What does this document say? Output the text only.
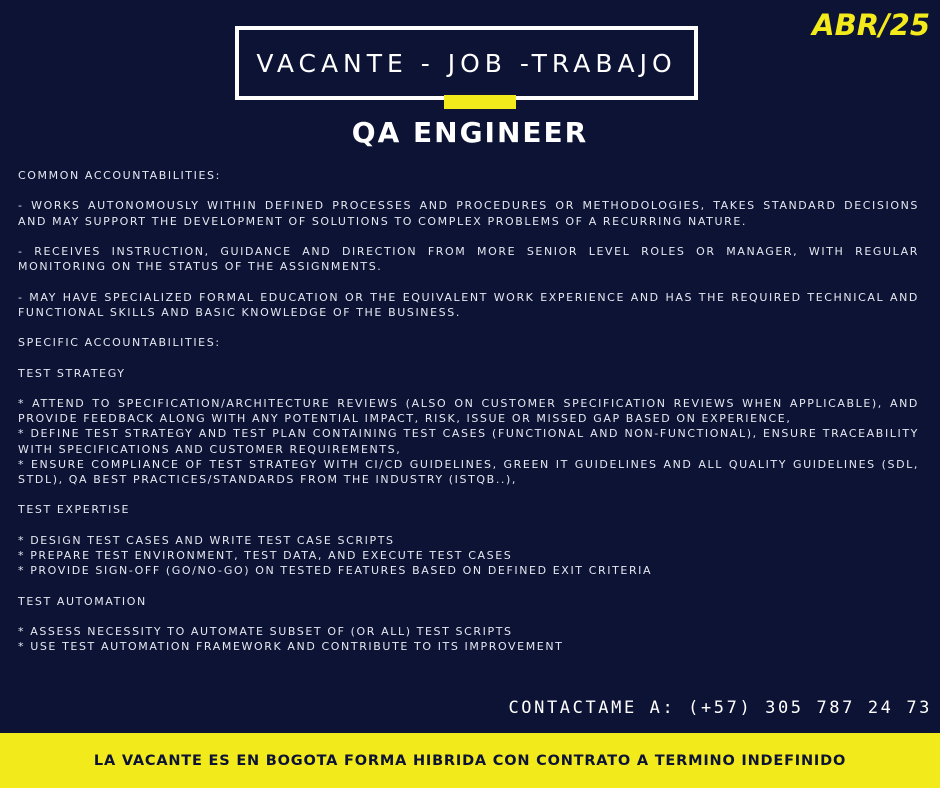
ABR/25
VACANTE - JOB -TRABAJO
QA ENGINEER

COMMON ACCOUNTABILITIES:

- WORKS AUTONOMOUSLY WITHIN DEFINED PROCESSES AND PROCEDURES OR METHODOLOGIES, TAKES STANDARD DECISIONS AND MAY SUPPORT THE DEVELOPMENT OF SOLUTIONS TO COMPLEX PROBLEMS OF A RECURRING NATURE.

- RECEIVES INSTRUCTION, GUIDANCE AND DIRECTION FROM MORE SENIOR LEVEL ROLES OR MANAGER, WITH REGULAR MONITORING ON THE STATUS OF THE ASSIGNMENTS.

- MAY HAVE SPECIALIZED FORMAL EDUCATION OR THE EQUIVALENT WORK EXPERIENCE AND HAS THE REQUIRED TECHNICAL AND FUNCTIONAL SKILLS AND BASIC KNOWLEDGE OF THE BUSINESS.

SPECIFIC ACCOUNTABILITIES:

TEST STRATEGY

* ATTEND TO SPECIFICATION/ARCHITECTURE REVIEWS (ALSO ON CUSTOMER SPECIFICATION REVIEWS WHEN APPLICABLE), AND PROVIDE FEEDBACK ALONG WITH ANY POTENTIAL IMPACT, RISK, ISSUE OR MISSED GAP BASED ON EXPERIENCE,

* DEFINE TEST STRATEGY AND TEST PLAN CONTAINING TEST CASES (FUNCTIONAL AND NON-FUNCTIONAL), ENSURE TRACEABILITY WITH SPECIFICATIONS AND CUSTOMER REQUIREMENTS,

* ENSURE COMPLIANCE OF TEST STRATEGY WITH CI/CD GUIDELINES, GREEN IT GUIDELINES AND ALL QUALITY GUIDELINES (SDL, STDL), QA BEST PRACTICES/STANDARDS FROM THE INDUSTRY (ISTQB..),

TEST EXPERTISE

* DESIGN TEST CASES AND WRITE TEST CASE SCRIPTS

* PREPARE TEST ENVIRONMENT, TEST DATA, AND EXECUTE TEST CASES

* PROVIDE SIGN-OFF (GO/NO-GO) ON TESTED FEATURES BASED ON DEFINED EXIT CRITERIA

TEST AUTOMATION

* ASSESS NECESSITY TO AUTOMATE SUBSET OF (OR ALL) TEST SCRIPTS

* USE TEST AUTOMATION FRAMEWORK AND CONTRIBUTE TO ITS IMPROVEMENT

CONTACTAME A: (+57) 305 787 24 73
LA VACANTE ES EN BOGOTA FORMA HIBRIDA CON CONTRATO A TERMINO INDEFINIDO
